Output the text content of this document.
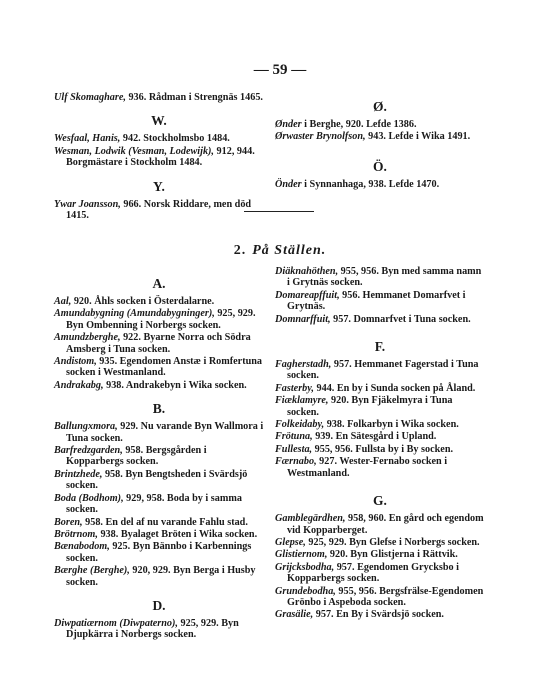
— 59 —
Ulf Skomaghare, 936. Rådman i Strengnäs 1465.
W.
Wesfaal, Hanis, 942. Stockholmsbo 1484.
Wesman, Lodwik (Vesman, Lodewijk), 912, 944. Borgmästare i Stockholm 1484.
Y.
Ywar Joansson, 966. Norsk Riddare, men död 1415.
Ø.
Ønder i Berghe, 920. Lefde 1386.
Ørwaster Brynolfson, 943. Lefde i Wika 1491.
Ö.
Önder i Synnanhaga, 938. Lefde 1470.
2. På Ställen.
A.
Aal, 920. Åhls socken i Österdalarne.
Amundabygning (Amundabygninger), 925, 929. Byn Ombenning i Norbergs socken.
Amundzberghe, 922. Byarne Norra och Södra Amsberg i Tuna socken.
Andistom, 935. Egendomen Anstæ i Romfertuna socken i Westmanland.
Andrakabg, 938. Andrakebyn i Wika socken.
B.
Ballungxmora, 929. Nu varande Byn Wallmora i Tuna socken.
Barfredzgarden, 958. Bergsgården i Kopparbergs socken.
Brintzhede, 958. Byn Bengtsheden i Svärdsjö socken.
Boda (Bodhom), 929, 958. Boda by i samma socken.
Boren, 958. En del af nu varande Fahlu stad.
Brötrnom, 938. Byalaget Bröten i Wika socken.
Bænabodom, 925. Byn Bännbo i Karbennings socken.
Bærghe (Berghe), 920, 929. Byn Berga i Husby socken.
D.
Diwpatiærnom (Diwpaterno), 925, 929. Byn Djupkärra i Norbergs socken.
Diäknahöthen, 955, 956. Byn med samma namn i Grytnäs socken.
Domareарffuit, 956. Hemmanet Domarfvet i Grytnäs.
Domnarffuit, 957. Domnarfvet i Tuna socken.
F.
Fagherstadh, 957. Hemmanet Fagerstad i Tuna socken.
Fasterby, 944. En by i Sunda socken på Åland.
Fiæklamyre, 920. Byn Fjäkelmyra i Tuna socken.
Folkeidaby, 938. Folkarbyn i Wika socken.
Frötuna, 939. En Sätesgård i Upland.
Fullesta, 955, 956. Fullsta by i By socken.
Færnabo, 927. Wester-Fernabo socken i Westmanland.
G.
Gamblegärdhen, 958, 960. En gård och egendom vid Kopparberget.
Glepse, 925, 929. Byn Glefse i Norbergs socken.
Glistiernom, 920. Byn Glistjerna i Rättvik.
Grijcksbodha, 957. Egendomen Grycksbo i Kopparbergs socken.
Grundebodha, 955, 956. Bergsfrälse-Egendomen Grönbo i Aspeboda socken.
Grasälie, 957. En By i Svärdsjö socken.
